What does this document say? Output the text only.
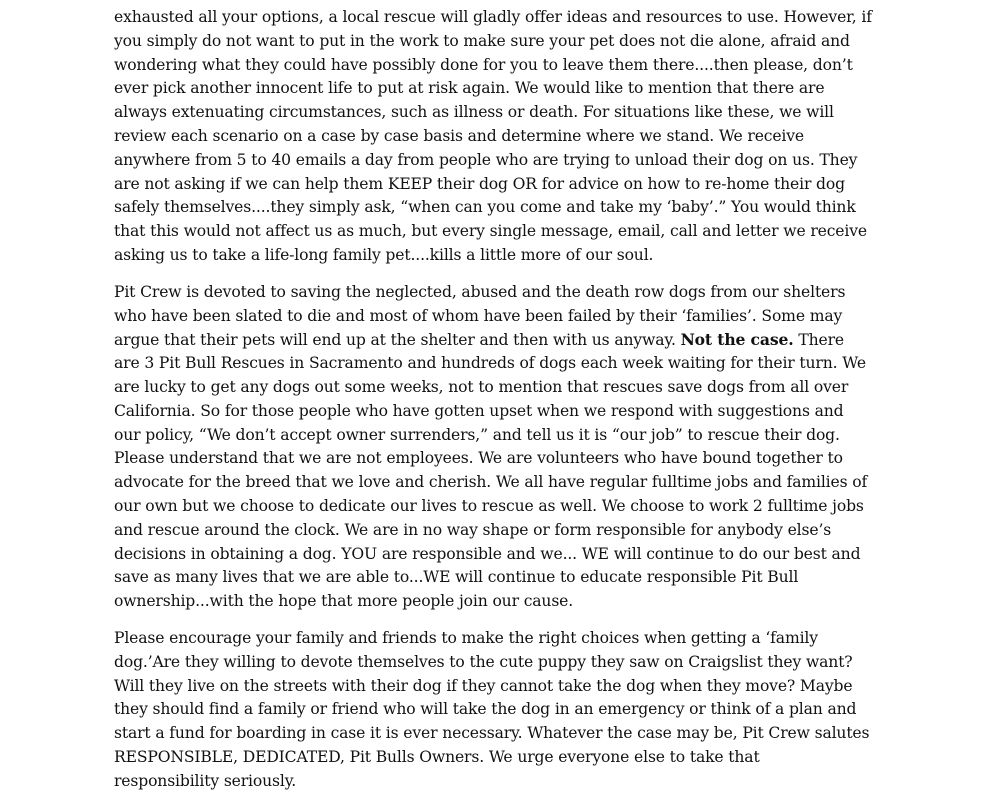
exhausted all your options, a local rescue will gladly offer ideas and resources to use. However, if
you simply do not want to put in the work to make sure your pet does not die alone, afraid and
wondering what they could have possibly done for you to leave them there....then please, don’t
ever pick another innocent life to put at risk again. We would like to mention that there are
always extenuating circumstances, such as illness or death. For situations like these, we will
review each scenario on a case by case basis and determine where we stand. We receive
anywhere from 5 to 40 emails a day from people who are trying to unload their dog on us. They
are not asking if we can help them KEEP their dog OR for advice on how to re-home their dog
safely themselves....they simply ask, “when can you come and take my ‘baby’.” You would think
that this would not affect us as much, but every single message, email, call and letter we receive
asking us to take a life-long family pet....kills a little more of our soul.
Pit Crew is devoted to saving the neglected, abused and the death row dogs from our shelters
who have been slated to die and most of whom have been failed by their ‘families’. Some may
argue that their pets will end up at the shelter and then with us anyway. Not the case. There
are 3 Pit Bull Rescues in Sacramento and hundreds of dogs each week waiting for their turn. We
are lucky to get any dogs out some weeks, not to mention that rescues save dogs from all over
California. So for those people who have gotten upset when we respond with suggestions and
our policy, “We don’t accept owner surrenders,” and tell us it is “our job” to rescue their dog.
Please understand that we are not employees. We are volunteers who have bound together to
advocate for the breed that we love and cherish. We all have regular fulltime jobs and families of
our own but we choose to dedicate our lives to rescue as well. We choose to work 2 fulltime jobs
and rescue around the clock. We are in no way shape or form responsible for anybody else’s
decisions in obtaining a dog. YOU are responsible and we... WE will continue to do our best and
save as many lives that we are able to...WE will continue to educate responsible Pit Bull
ownership...with the hope that more people join our cause.
Please encourage your family and friends to make the right choices when getting a ‘family
dog.’Are they willing to devote themselves to the cute puppy they saw on Craigslist they want?
Will they live on the streets with their dog if they cannot take the dog when they move? Maybe
they should find a family or friend who will take the dog in an emergency or think of a plan and
start a fund for boarding in case it is ever necessary. Whatever the case may be, Pit Crew salutes
RESPONSIBLE, DEDICATED, Pit Bulls Owners. We urge everyone else to take that
responsibility seriously.
